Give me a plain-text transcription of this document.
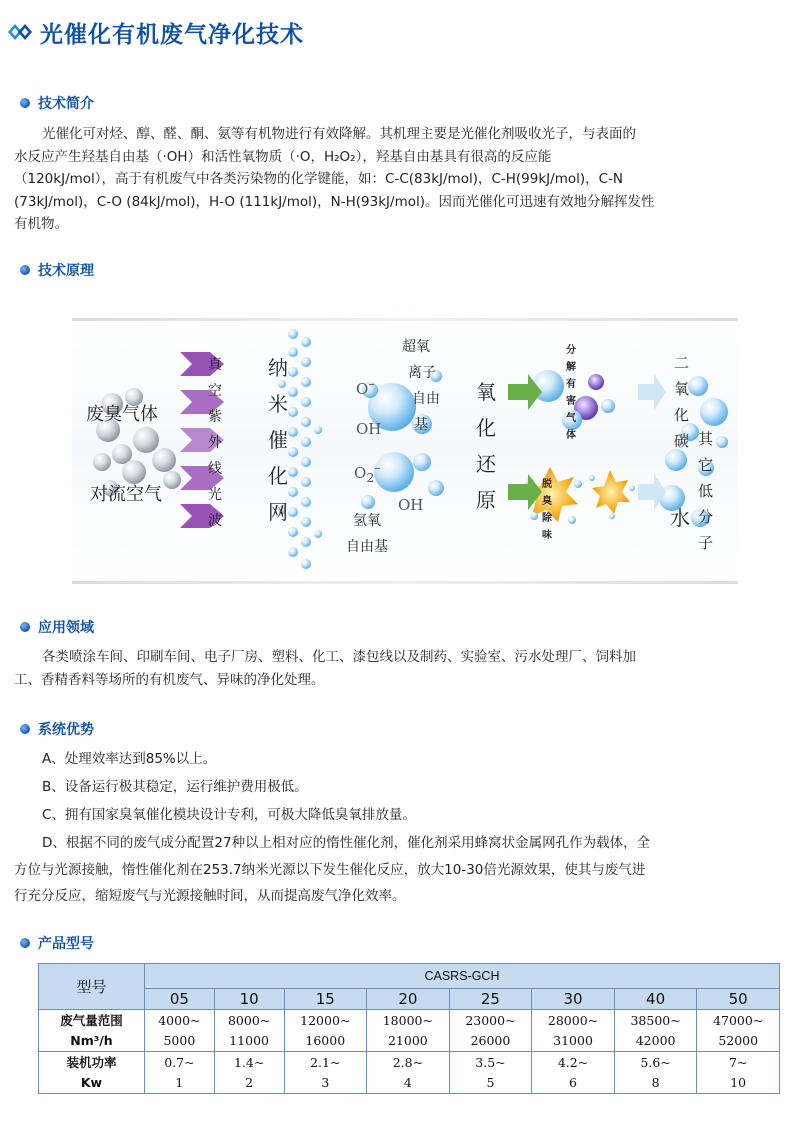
光催化有机废气净化技术
技术简介
光催化可对烃、醇、醛、酮、氨等有机物进行有效降解。其机理主要是光催化剂吸收光子，与表面的
水反应产生羟基自由基（·OH）和活性氧物质（·O，H₂O₂），羟基自由基具有很高的反应能
（120kJ/mol），高于有机废气中各类污染物的化学键能，如：C-C(83kJ/mol)，C-H(99kJ/mol)，C-N
(73kJ/mol)，C-O (84kJ/mol)，H-O (111kJ/mol)，N-H(93kJ/mol)。因而光催化可迅速有效地分解挥发性
有机物。
技术原理
废臭气体
对流空气
真
空
紫
外
线
光
波
纳
米
催
化
网
超氧
离子
自由
基
O–
OH
$O_2^-$
OH
氢氧
自由基
氧
化
还
原
分
解
有
害
气
体
脱
臭
除
味
二
氧
化
碳
水
其
它
低
分
子
应用领域
各类喷涂车间、印刷车间、电子厂房、塑料、化工、漆包线以及制药、实验室、污水处理厂、饲料加
工、香精香料等场所的有机废气、异味的净化处理。
系统优势
A、处理效率达到85%以上。
B、设备运行极其稳定，运行维护费用极低。
C、拥有国家臭氧催化模块设计专利，可极大降低臭氧排放量。
D、根据不同的废气成分配置27种以上相对应的惰性催化剂，催化剂采用蜂窝状金属网孔作为载体，全
方位与光源接触，惰性催化剂在253.7纳米光源以下发生催化反应，放大10-30倍光源效果，使其与废气进
行充分反应，缩短废气与光源接触时间，从而提高废气净化效率。
产品型号
型号	CASRS-GCH							
	05	10	15	20	25	30	40	50
废气量范围	4000~	8000~	12000~	18000~	23000~	28000~	38500~	47000~
Nm³/h	5000	11000	16000	21000	26000	31000	42000	52000
装机功率	0.7~	1.4~	2.1~	2.8~	3.5~	4.2~	5.6~	7~
Kw	1	2	3	4	5	6	8	10
